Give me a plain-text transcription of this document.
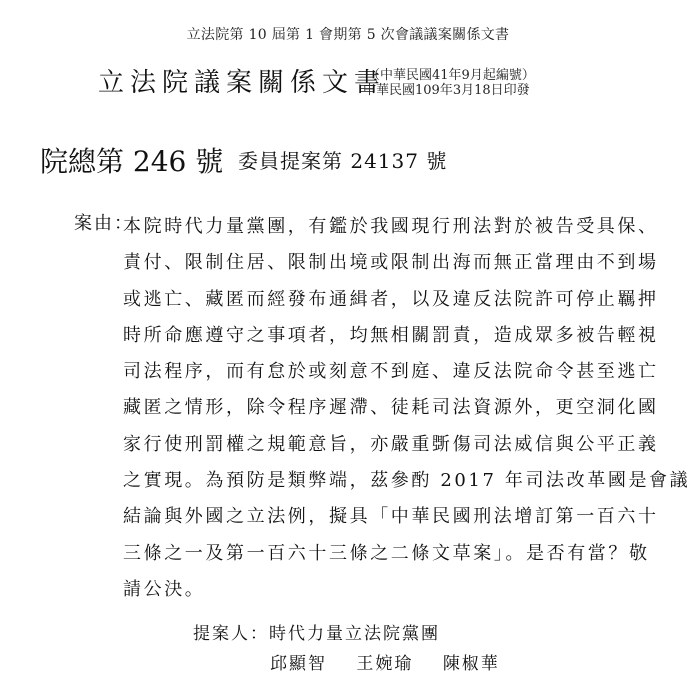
立法院第 10 屆第 1 會期第 5 次會議議案關係文書
立法院議案關係文書
（中華民國41年9月起編號）
中華民國109年3月18日印發
院總第 246 號 委員提案第 24137 號
案由：
本院時代力量黨團，有鑑於我國現行刑法對於被告受具保、
責付、限制住居、限制出境或限制出海而無正當理由不到場
或逃亡、藏匿而經發布通緝者，以及違反法院許可停止羈押
時所命應遵守之事項者，均無相關罰責，造成眾多被告輕視
司法程序，而有怠於或刻意不到庭、違反法院命令甚至逃亡
藏匿之情形，除令程序遲滯、徒耗司法資源外，更空洞化國
家行使刑罰權之規範意旨，亦嚴重斲傷司法威信與公平正義
之實現。為預防是類弊端，茲參酌 2017 年司法改革國是會議
結論與外國之立法例，擬具「中華民國刑法增訂第一百六十
三條之一及第一百六十三條之二條文草案」。是否有當？敬
請公決。
提案人：時代力量立法院黨團
邱顯智 王婉瑜 陳椒華
